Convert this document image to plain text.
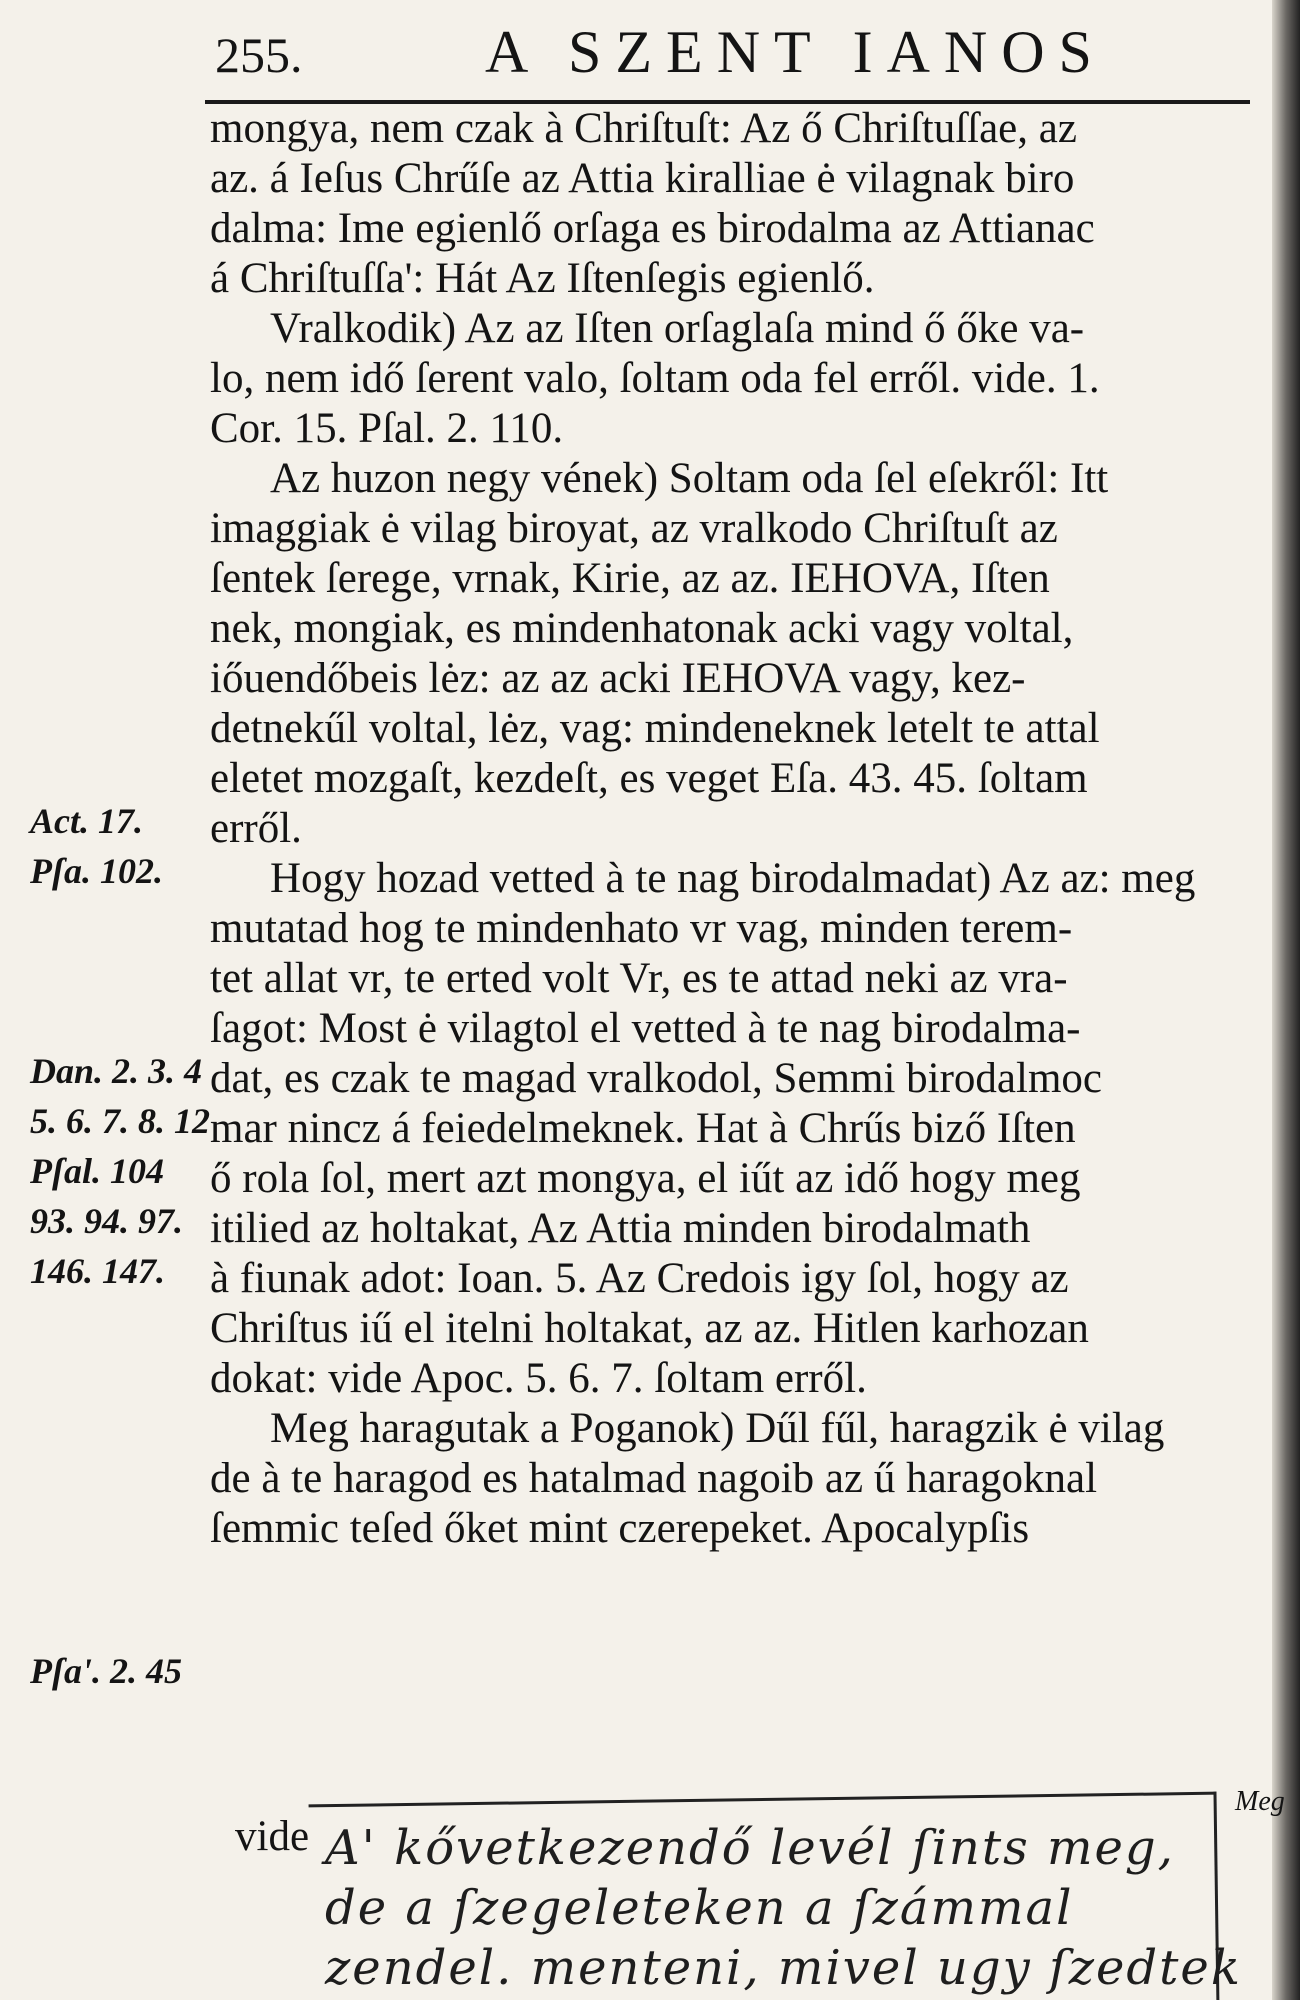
255.	A SZENT IANOS
mongya, nem czak à Chriſtuſt: Az ő Chriſtuſſae, az
az. á Ieſus Chrűſe az Attia kiralliae ė vilagnak biro
dalma: Ime egienlő orſaga es birodalma az Attianac
á Chriſtuſſa': Hát Az Iſtenſegis egienlő.
Vralkodik) Az az Iſten orſaglaſa mind ő őke va-
lo, nem idő ſerent valo, ſoltam oda fel erről. vide. 1.
Cor. 15. Pſal. 2. 110.
Az huzon negy vének) Soltam oda ſel eſekről: Itt
imaggiak ė vilag biroyat, az vralkodo Chriſtuſt az
ſentek ſerege, vrnak, Kirie, az az. IEHOVA, Iſten
nek, mongiak, es mindenhatonak acki vagy voltal,
iőuendőbeis lėz: az az acki IEHOVA vagy, kez-
detnekűl voltal, lėz, vag: mindeneknek letelt te attal
eletet mozgaſt, kezdeſt, es veget Eſa. 43. 45. ſoltam
erről.
Hogy hozad vetted à te nag birodalmadat) Az az: meg
mutatad hog te mindenhato vr vag, minden terem-
tet allat vr, te erted volt Vr, es te attad neki az vra-
ſagot: Most ė vilagtol el vetted à te nag birodalma-
dat, es czak te magad vralkodol, Semmi birodalmoc
mar nincz á feiedelmeknek. Hat à Chrűs biző Iſten
ő rola ſol, mert azt mongya, el iűt az idő hogy meg
itilied az holtakat, Az Attia minden birodalmath
à fiunak adot: Ioan. 5. Az Credois igy ſol, hogy az
Chriſtus iű el itelni holtakat, az az. Hitlen karhozan
dokat: vide Apoc. 5. 6. 7. ſoltam erről.
Meg haragutak a Poganok) Dűl fűl, haragzik ė vilag
de à te haragod es hatalmad nagoib az ű haragoknal
ſemmic teſed őket mint czerepeket. Apocalypſis
Act. 17.
Pſa. 102.
Dan. 2. 3. 4
5. 6. 7. 8. 12
Pſal. 104
93. 94. 97.
146. 147.
Pſa'. 2. 45
vide
Meg
A' kővetkezendő levél ſints meg,
de a ſzegeleteken a ſzámmal
zendel. menteni, mivel ugy ſzedtek
